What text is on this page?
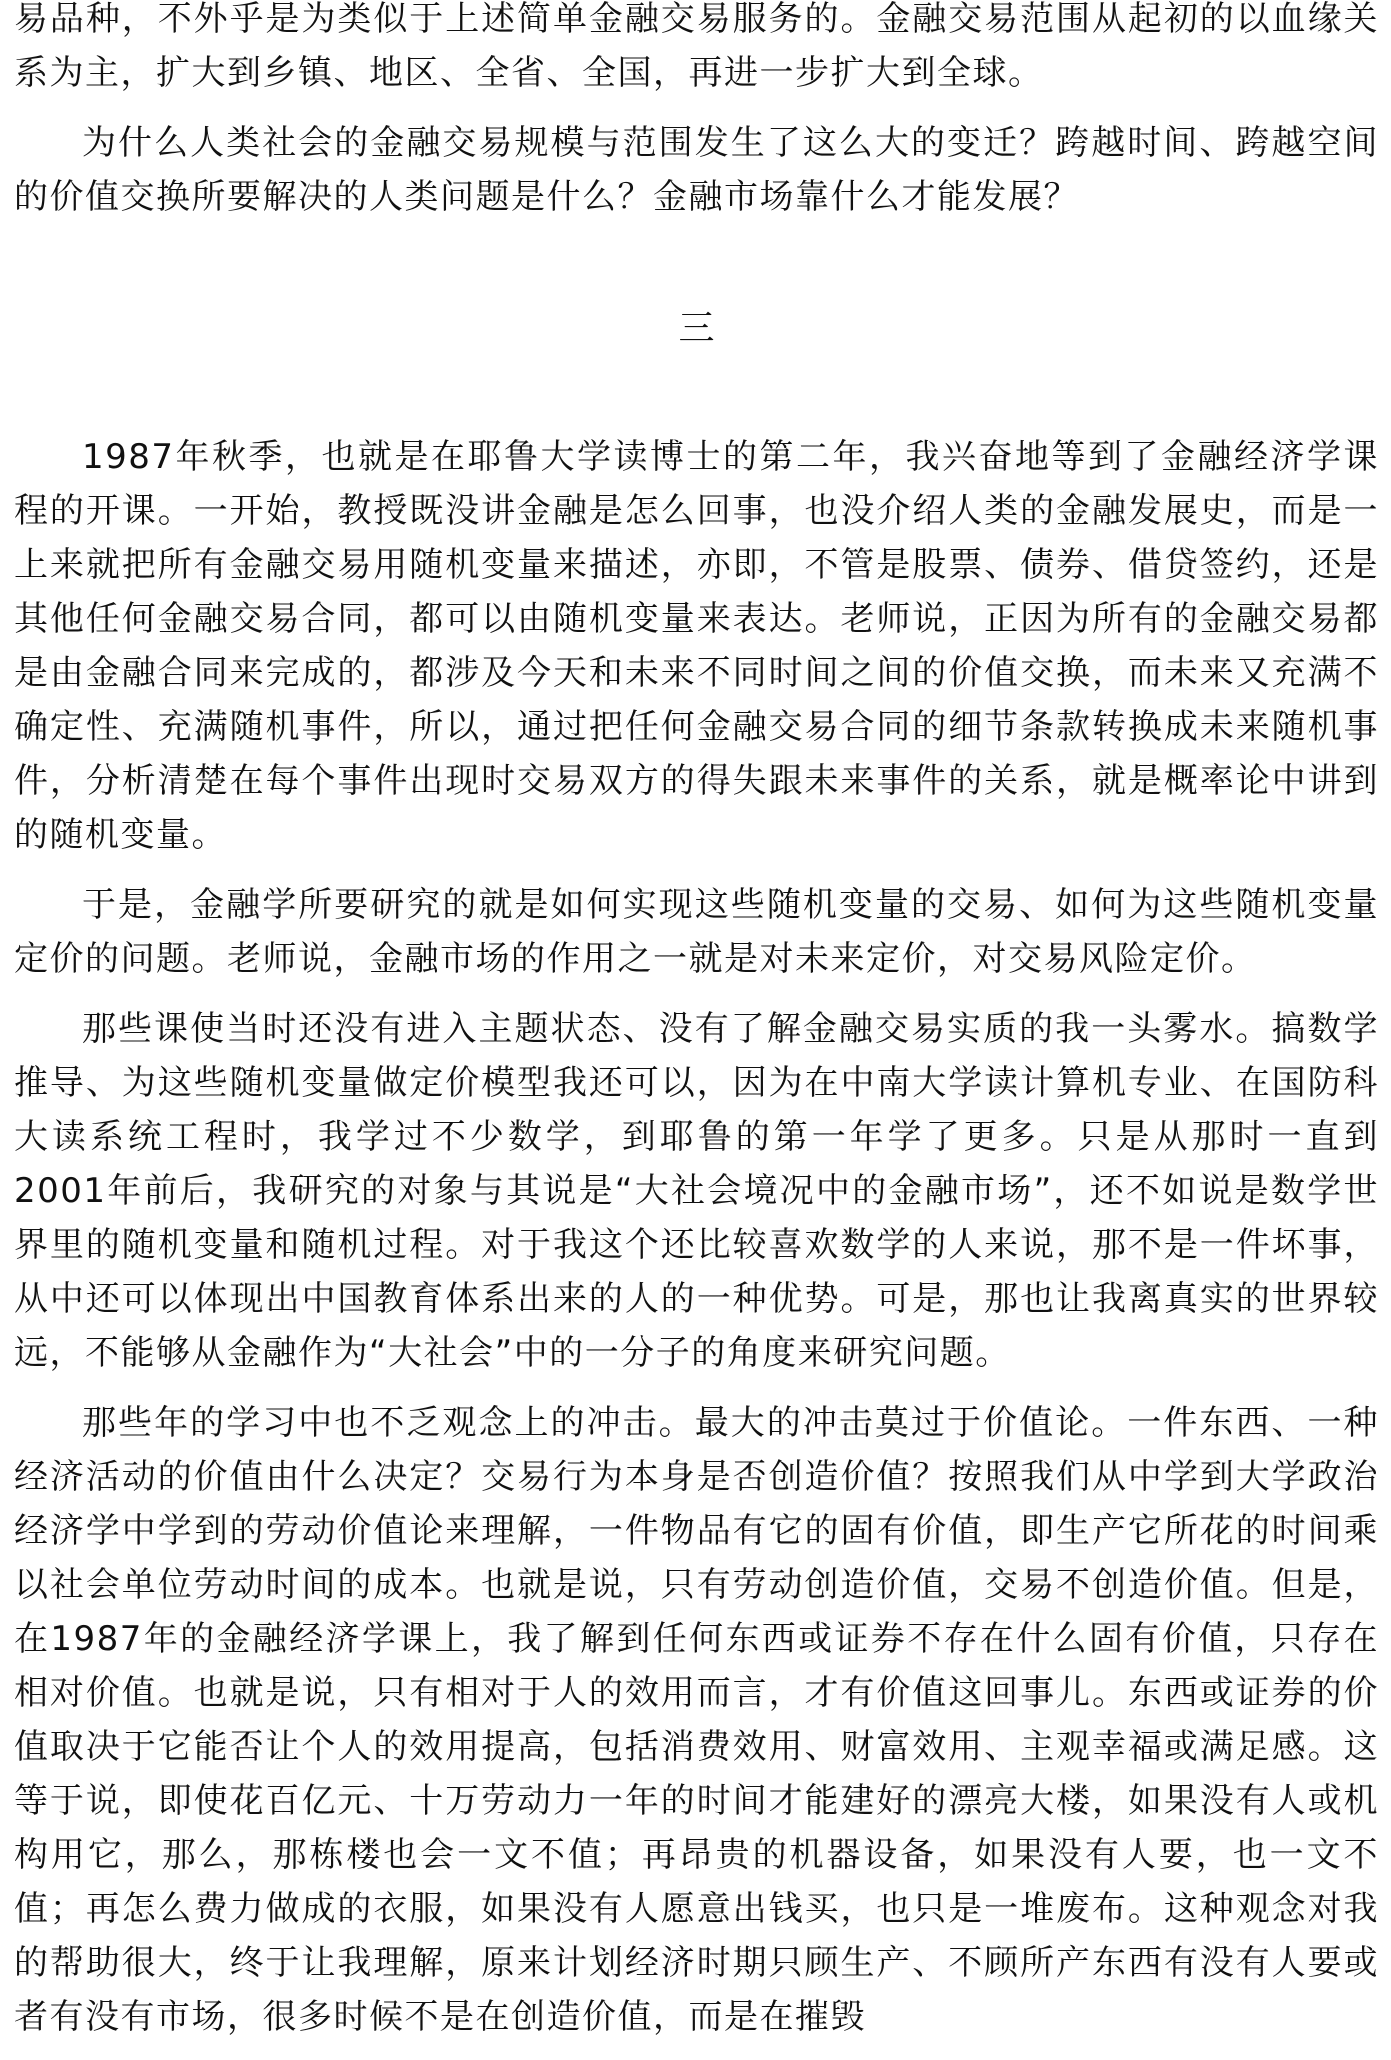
易品种，不外乎是为类似于上述简单金融交易服务的。金融交易范围从起初的以血缘关系为主，扩大到乡镇、地区、全省、全国，再进一步扩大到全球。

为什么人类社会的金融交易规模与范围发生了这么大的变迁？跨越时间、跨越空间的价值交换所要解决的人类问题是什么？金融市场靠什么才能发展？

三

1987年秋季，也就是在耶鲁大学读博士的第二年，我兴奋地等到了金融经济学课程的开课。一开始，教授既没讲金融是怎么回事，也没介绍人类的金融发展史，而是一上来就把所有金融交易用随机变量来描述，亦即，不管是股票、债券、借贷签约，还是其他任何金融交易合同，都可以由随机变量来表达。老师说，正因为所有的金融交易都是由金融合同来完成的，都涉及今天和未来不同时间之间的价值交换，而未来又充满不确定性、充满随机事件，所以，通过把任何金融交易合同的细节条款转换成未来随机事件，分析清楚在每个事件出现时交易双方的得失跟未来事件的关系，就是概率论中讲到的随机变量。

于是，金融学所要研究的就是如何实现这些随机变量的交易、如何为这些随机变量定价的问题。老师说，金融市场的作用之一就是对未来定价，对交易风险定价。

那些课使当时还没有进入主题状态、没有了解金融交易实质的我一头雾水。搞数学推导、为这些随机变量做定价模型我还可以，因为在中南大学读计算机专业、在国防科大读系统工程时，我学过不少数学，到耶鲁的第一年学了更多。只是从那时一直到2001年前后，我研究的对象与其说是“大社会境况中的金融市场”，还不如说是数学世界里的随机变量和随机过程。对于我这个还比较喜欢数学的人来说，那不是一件坏事，从中还可以体现出中国教育体系出来的人的一种优势。可是，那也让我离真实的世界较远，不能够从金融作为“大社会”中的一分子的角度来研究问题。

那些年的学习中也不乏观念上的冲击。最大的冲击莫过于价值论。一件东西、一种经济活动的价值由什么决定？交易行为本身是否创造价值？按照我们从中学到大学政治经济学中学到的劳动价值论来理解，一件物品有它的固有价值，即生产它所花的时间乘以社会单位劳动时间的成本。也就是说，只有劳动创造价值，交易不创造价值。但是，在1987年的金融经济学课上，我了解到任何东西或证券不存在什么固有价值，只存在相对价值。也就是说，只有相对于人的效用而言，才有价值这回事儿。东西或证券的价值取决于它能否让个人的效用提高，包括消费效用、财富效用、主观幸福或满足感。这等于说，即使花百亿元、十万劳动力一年的时间才能建好的漂亮大楼，如果没有人或机构用它，那么，那栋楼也会一文不值；再昂贵的机器设备，如果没有人要，也一文不值；再怎么费力做成的衣服，如果没有人愿意出钱买，也只是一堆废布。这种观念对我的帮助很大，终于让我理解，原来计划经济时期只顾生产、不顾所产东西有没有人要或者有没有市场，很多时候不是在创造价值，而是在摧毁
